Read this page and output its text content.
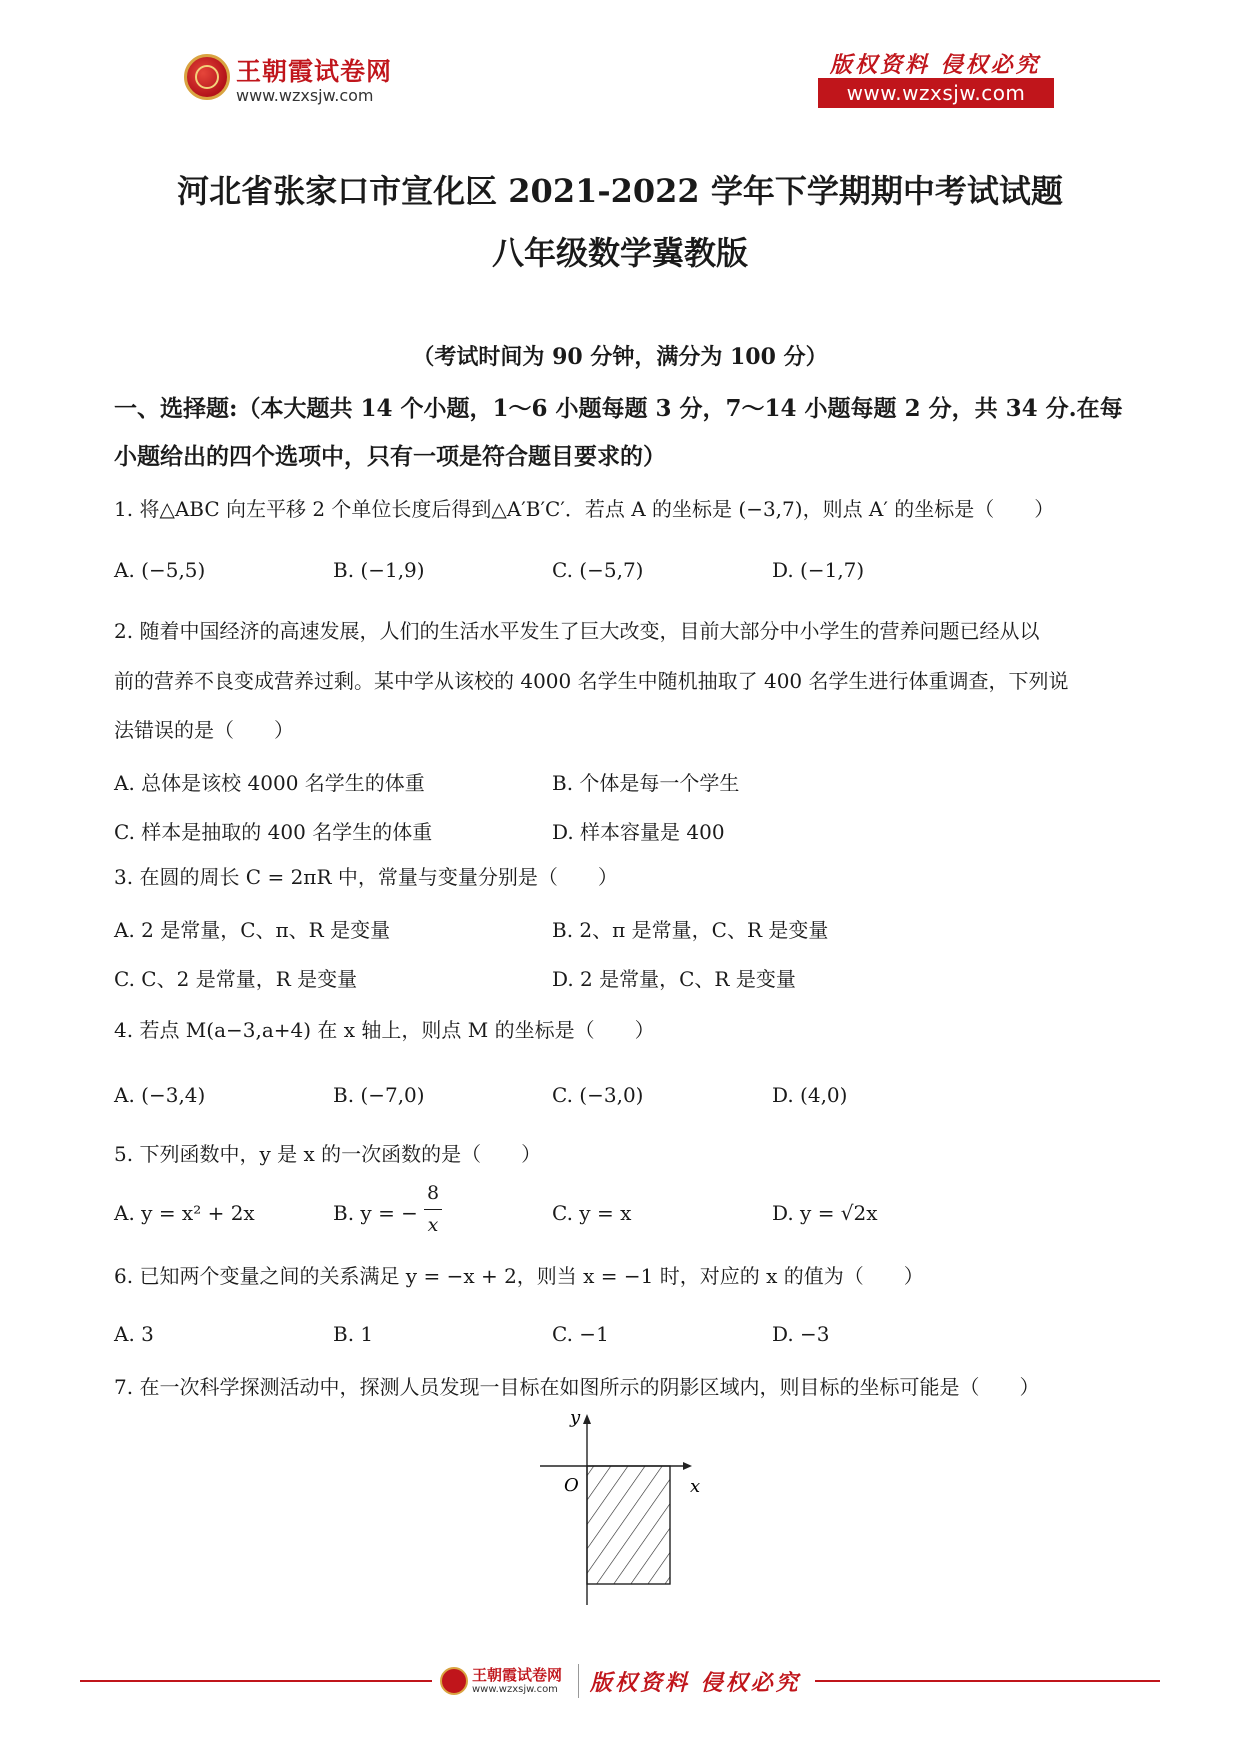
王朝霞试卷网
www.wzxsjw.com
版权资料 侵权必究
www.wzxsjw.com
河北省张家口市宣化区 2021-2022 学年下学期期中考试试题
八年级数学冀教版
（考试时间为 90 分钟，满分为 100 分）
一、选择题:（本大题共 14 个小题，1～6 小题每题 3 分，7～14 小题每题 2 分，共 34 分.在每
小题给出的四个选项中，只有一项是符合题目要求的）
1. 将△ABC 向左平移 2 个单位长度后得到△A′B′C′．若点 A 的坐标是 (−3,7)，则点 A′ 的坐标是（　　）
A. (−5,5)	B. (−1,9)	C. (−5,7)	D. (−1,7)
2. 随着中国经济的高速发展，人们的生活水平发生了巨大改变，目前大部分中小学生的营养问题已经从以
前的营养不良变成营养过剩。某中学从该校的 4000 名学生中随机抽取了 400 名学生进行体重调查，下列说
法错误的是（　　）
A. 总体是该校 4000 名学生的体重	B. 个体是每一个学生
C. 样本是抽取的 400 名学生的体重	D. 样本容量是 400
3. 在圆的周长 C = 2πR 中，常量与变量分别是（　　）
A. 2 是常量，C、π、R 是变量	B. 2、π 是常量，C、R 是变量
C. C、2 是常量，R 是变量	D. 2 是常量，C、R 是变量
4. 若点 M(a−3,a+4) 在 x 轴上，则点 M 的坐标是（　　）
A. (−3,4)	B. (−7,0)	C. (−3,0)	D. (4,0)
5. 下列函数中，y 是 x 的一次函数的是（　　）
A. y = x² + 2x	B. y = −
8
x	C. y = x	D. y = √2x
6. 已知两个变量之间的关系满足 y = −x + 2，则当 x = −1 时，对应的 x 的值为（　　）
A. 3	B. 1	C. −1	D. −3
7. 在一次科学探测活动中，探测人员发现一目标在如图所示的阴影区域内，则目标的坐标可能是（　　）
y
x
O
王朝霞试卷网
www.wzxsjw.com 版权资料 侵权必究
